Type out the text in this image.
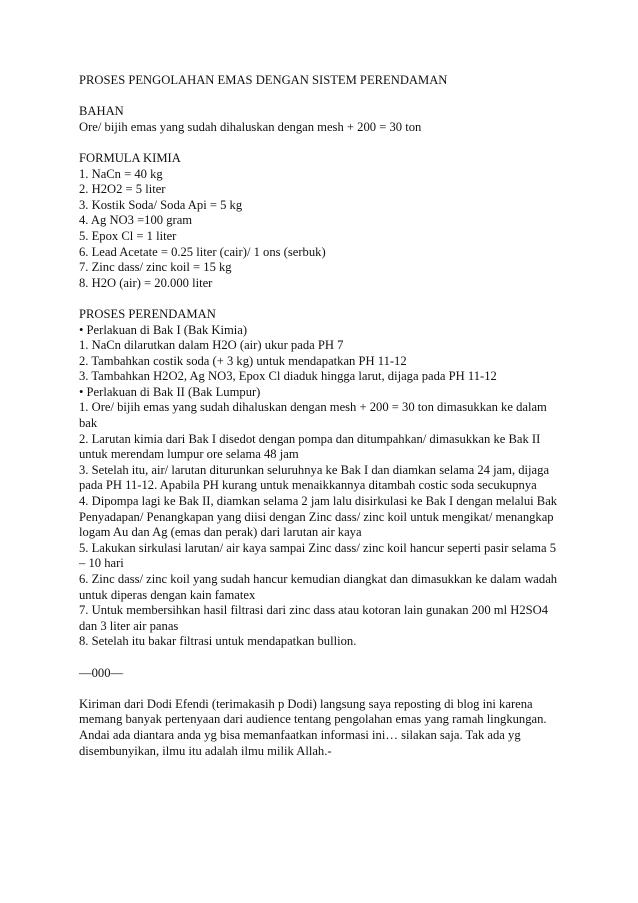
PROSES PENGOLAHAN EMAS DENGAN SISTEM PERENDAMAN
BAHAN
Ore/ bijih emas yang sudah dihaluskan dengan mesh + 200 = 30 ton
FORMULA KIMIA
1. NaCn = 40 kg
2. H2O2 = 5 liter
3. Kostik Soda/ Soda Api = 5 kg
4. Ag NO3 =100 gram
5. Epox Cl = 1 liter
6. Lead Acetate = 0.25 liter (cair)/ 1 ons (serbuk)
7. Zinc dass/ zinc koil = 15 kg
8. H2O (air) = 20.000 liter
PROSES PERENDAMAN
• Perlakuan di Bak I (Bak Kimia)
1. NaCn dilarutkan dalam H2O (air) ukur pada PH 7
2. Tambahkan costik soda (+ 3 kg) untuk mendapatkan PH 11-12
3. Tambahkan H2O2, Ag NO3, Epox Cl diaduk hingga larut, dijaga pada PH 11-12
• Perlakuan di Bak II (Bak Lumpur)
1. Ore/ bijih emas yang sudah dihaluskan dengan mesh + 200 = 30 ton dimasukkan ke dalam bak
2. Larutan kimia dari Bak I disedot dengan pompa dan ditumpahkan/ dimasukkan ke Bak II untuk merendam lumpur ore selama 48 jam
3. Setelah itu, air/ larutan diturunkan seluruhnya ke Bak I dan diamkan selama 24 jam, dijaga pada PH 11-12. Apabila PH kurang untuk menaikkannya ditambah costic soda secukupnya
4. Dipompa lagi ke Bak II, diamkan selama 2 jam lalu disirkulasi ke Bak I dengan melalui Bak Penyadapan/ Penangkapan yang diisi dengan Zinc dass/ zinc koil untuk mengikat/ menangkap logam Au dan Ag (emas dan perak) dari larutan air kaya
5. Lakukan sirkulasi larutan/ air kaya sampai Zinc dass/ zinc koil hancur seperti pasir selama 5 – 10 hari
6. Zinc dass/ zinc koil yang sudah hancur kemudian diangkat dan dimasukkan ke dalam wadah untuk diperas dengan kain famatex
7. Untuk membersihkan hasil filtrasi dari zinc dass atau kotoran lain gunakan 200 ml H2SO4 dan 3 liter air panas
8. Setelah itu bakar filtrasi untuk mendapatkan bullion.
—000—
Kiriman dari Dodi Efendi (terimakasih p Dodi) langsung saya reposting di blog ini karena memang banyak pertenyaan dari audience tentang pengolahan emas yang ramah lingkungan. Andai ada diantara anda yg bisa memanfaatkan informasi ini… silakan saja. Tak ada yg disembunyikan, ilmu itu adalah ilmu milik Allah.-
